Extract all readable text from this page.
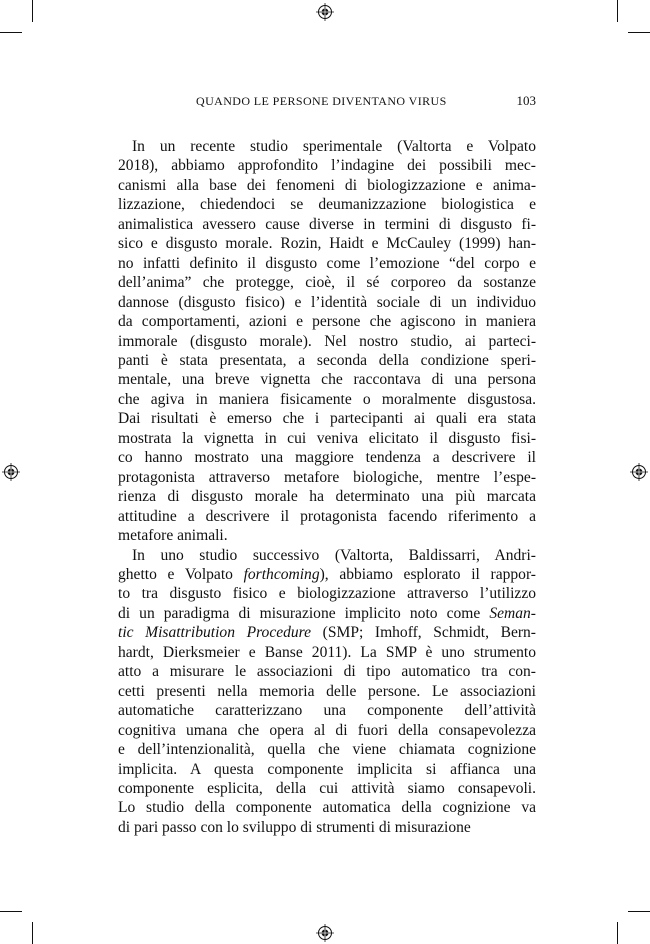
QUANDO LE PERSONE DIVENTANO VIRUS	103
In un recente studio sperimentale (Valtorta e Volpato
2018), abbiamo approfondito l’indagine dei possibili mec-
canismi alla base dei fenomeni di biologizzazione e anima-
lizzazione, chiedendoci se deumanizzazione biologistica e
animalistica avessero cause diverse in termini di disgusto fi-
sico e disgusto morale. Rozin, Haidt e McCauley (1999) han-
no infatti definito il disgusto come l’emozione “del corpo e
dell’anima” che protegge, cioè, il sé corporeo da sostanze
dannose (disgusto fisico) e l’identità sociale di un individuo
da comportamenti, azioni e persone che agiscono in maniera
immorale (disgusto morale). Nel nostro studio, ai parteci-
panti è stata presentata, a seconda della condizione speri-
mentale, una breve vignetta che raccontava di una persona
che agiva in maniera fisicamente o moralmente disgustosa.
Dai risultati è emerso che i partecipanti ai quali era stata
mostrata la vignetta in cui veniva elicitato il disgusto fisi-
co hanno mostrato una maggiore tendenza a descrivere il
protagonista attraverso metafore biologiche, mentre l’espe-
rienza di disgusto morale ha determinato una più marcata
attitudine a descrivere il protagonista facendo riferimento a
metafore animali.
In uno studio successivo (Valtorta, Baldissarri, Andri-
ghetto e Volpato forthcoming), abbiamo esplorato il rappor-
to tra disgusto fisico e biologizzazione attraverso l’utilizzo
di un paradigma di misurazione implicito noto come Seman-
tic Misattribution Procedure (SMP; Imhoff, Schmidt, Bern-
hardt, Dierksmeier e Banse 2011). La SMP è uno strumento
atto a misurare le associazioni di tipo automatico tra con-
cetti presenti nella memoria delle persone. Le associazioni
automatiche caratterizzano una componente dell’attività
cognitiva umana che opera al di fuori della consapevolezza
e dell’intenzionalità, quella che viene chiamata cognizione
implicita. A questa componente implicita si affianca una
componente esplicita, della cui attività siamo consapevoli.
Lo studio della componente automatica della cognizione va
di pari passo con lo sviluppo di strumenti di misurazione
